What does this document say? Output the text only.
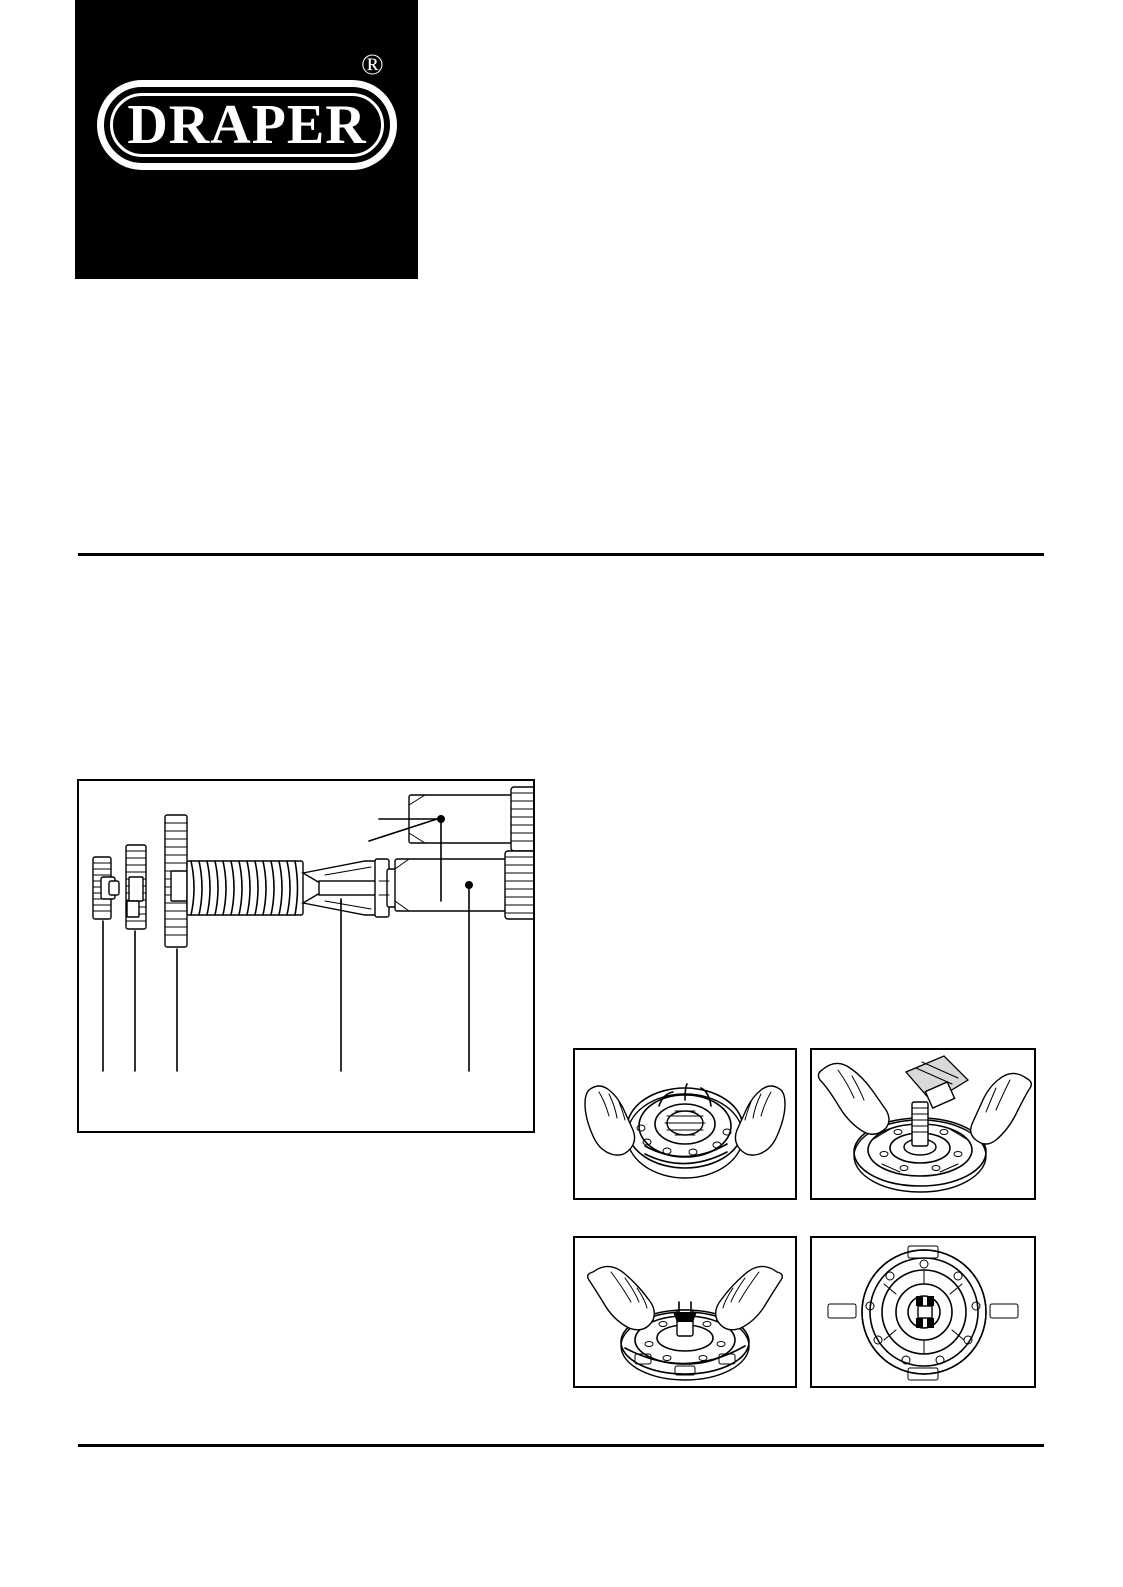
®
DRAPER
